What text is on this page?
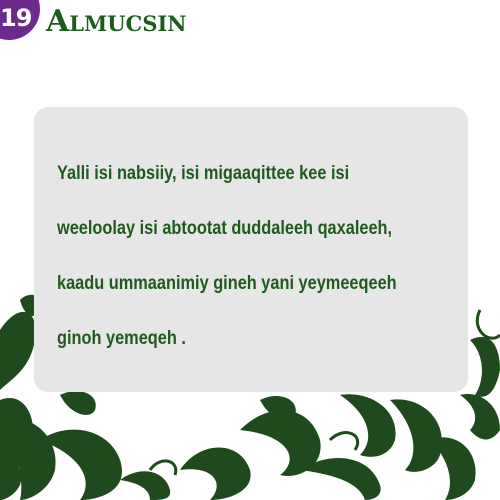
19 Almucsin
Yalli isi nabsiiy, isi migaaqittee kee isi
weeloolay isi abtootat duddaleeh qaxaleeh,
kaadu ummaanimiy gineh yani yeymeeqeeh
ginoh yemeqeh .
